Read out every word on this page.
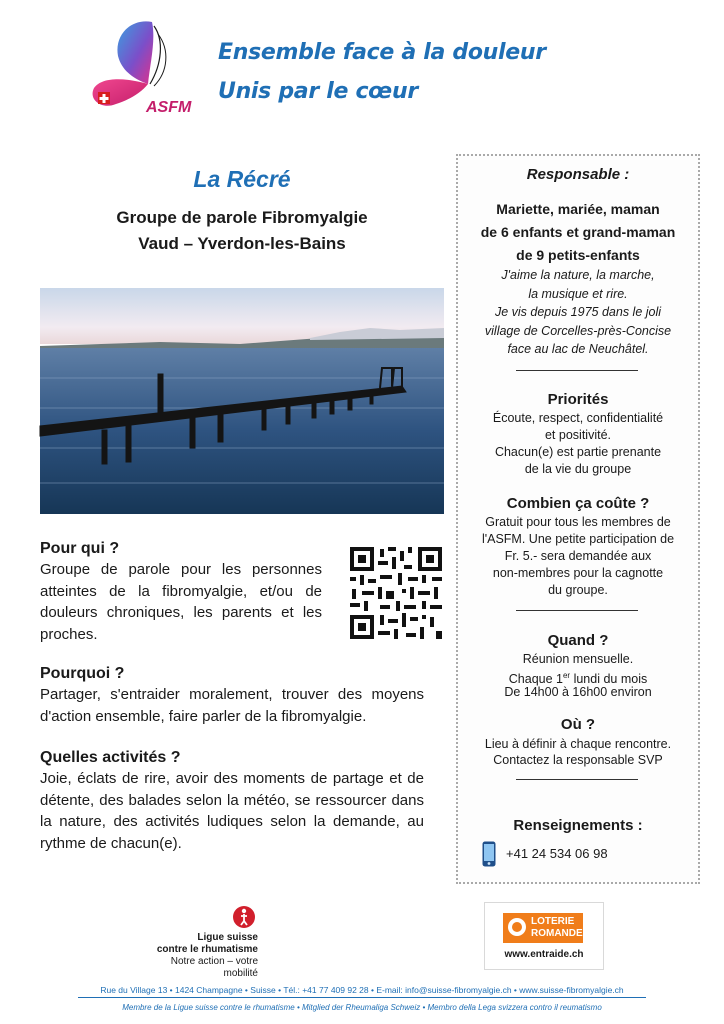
ASFM
Ensemble face à la douleur
Unis par le cœur
La Récré
Groupe de parole Fibromyalgie
Vaud – Yverdon-les-Bains
Pour qui ?
Groupe de parole pour les personnes atteintes de la fibromyalgie, et/ou de douleurs chroniques, les parents et les proches.
Pourquoi ?
Partager, s'entraider moralement, trouver des moyens d'action ensemble, faire parler de la fibromyalgie.
Quelles activités ?
Joie, éclats de rire, avoir des moments de partage et de détente, des balades selon la météo, se ressourcer dans la nature, des activités ludiques selon la demande, au rythme de chacun(e).
Responsable :
Mariette, mariée, maman
de 6 enfants et grand-maman
de 9 petits-enfants
J'aime la nature, la marche,
la musique et rire.
Je vis depuis 1975 dans le joli
village de Corcelles-près-Concise
face au lac de Neuchâtel.
Priorités
Écoute, respect, confidentialité
et positivité.
Chacun(e) est partie prenante
de la vie du groupe
Combien ça coûte ?
Gratuit pour tous les membres de
l'ASFM. Une petite participation de
Fr. 5.- sera demandée aux
non-membres pour la cagnotte
du groupe.
Quand ?
Réunion mensuelle.
Chaque 1er lundi du mois
De 14h00 à 16h00 environ
Où ?
Lieu à définir à chaque rencontre.
Contactez la responsable SVP
Renseignements :
+41 24 534 06 98
Ligue suisse
contre le rhumatisme
Notre action – votre mobilité
LOTERIE
ROMANDE
www.entraide.ch
Rue du Village 13 • 1424 Champagne • Suisse • Tél.: +41 77 409 92 28 • E-mail: info@suisse-fibromyalgie.ch • www.suisse-fibromyalgie.ch
Membre de la Ligue suisse contre le rhumatisme • Mitglied der Rheumaliga Schweiz • Membro della Lega svizzera contro il reumatismo
